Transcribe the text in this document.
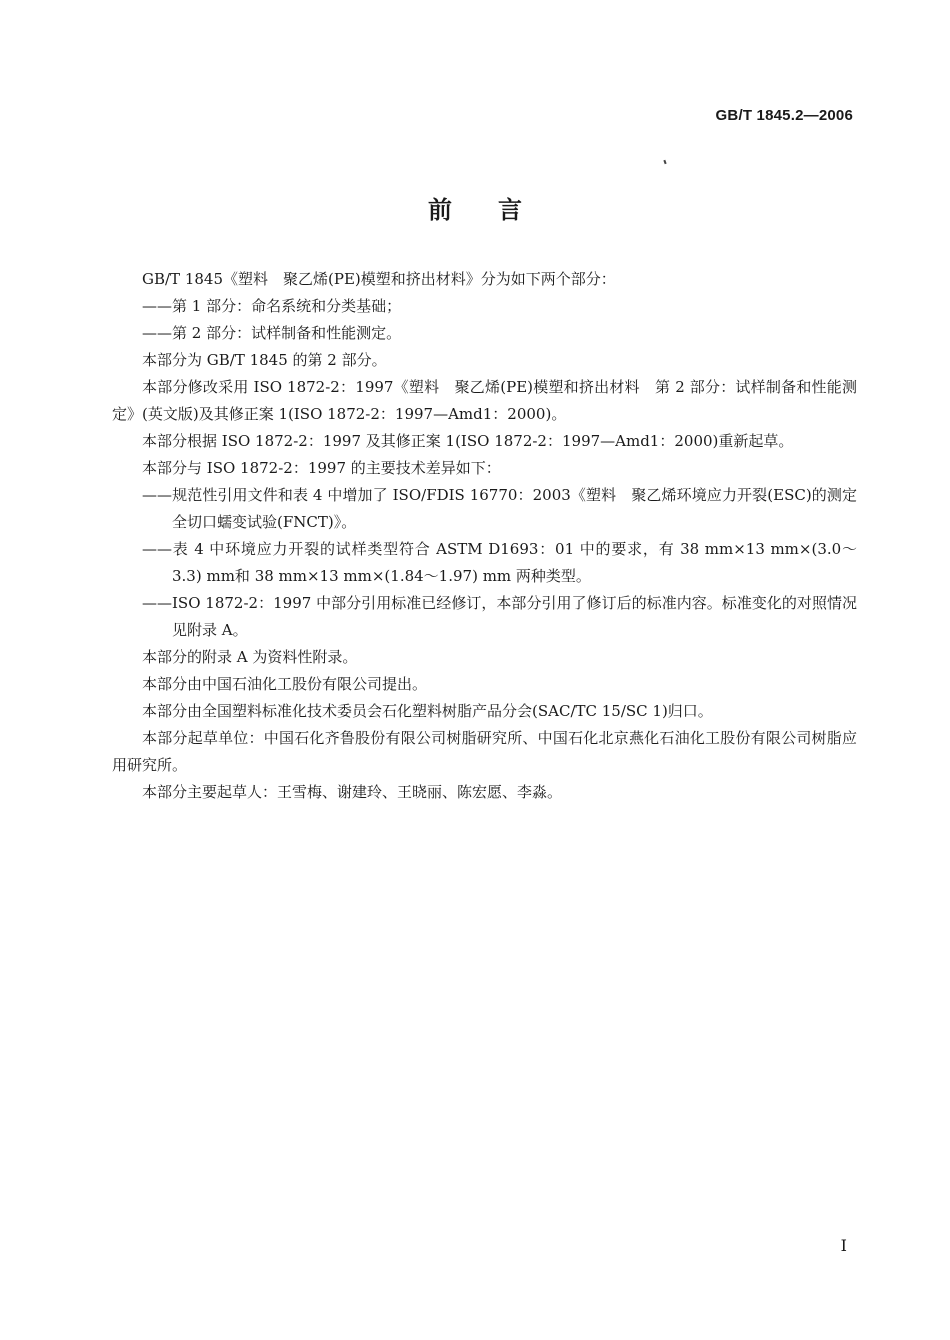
GB/T 1845.2—2006
前言

GB/T 1845《塑料　聚乙烯(PE)模塑和挤出材料》分为如下两个部分：

——第 1 部分：命名系统和分类基础；

——第 2 部分：试样制备和性能测定。

本部分为 GB/T 1845 的第 2 部分。

本部分修改采用 ISO 1872-2：1997《塑料　聚乙烯(PE)模塑和挤出材料　第 2 部分：试样制备和性能测定》(英文版)及其修正案 1(ISO 1872-2：1997—Amd1：2000)。

本部分根据 ISO 1872-2：1997 及其修正案 1(ISO 1872-2：1997—Amd1：2000)重新起草。

本部分与 ISO 1872-2：1997 的主要技术差异如下：

——规范性引用文件和表 4 中增加了 ISO/FDIS 16770：2003《塑料　聚乙烯环境应力开裂(ESC)的测定　全切口蠕变试验(FNCT)》。

——表 4 中环境应力开裂的试样类型符合 ASTM D1693：01 中的要求，有 38 mm×13 mm×(3.0～3.3) mm和 38 mm×13 mm×(1.84～1.97) mm 两种类型。

——ISO 1872-2：1997 中部分引用标准已经修订，本部分引用了修订后的标准内容。标准变化的对照情况见附录 A。

本部分的附录 A 为资料性附录。

本部分由中国石油化工股份有限公司提出。

本部分由全国塑料标准化技术委员会石化塑料树脂产品分会(SAC/TC 15/SC 1)归口。

本部分起草单位：中国石化齐鲁股份有限公司树脂研究所、中国石化北京燕化石油化工股份有限公司树脂应用研究所。

本部分主要起草人：王雪梅、谢建玲、王晓丽、陈宏愿、李淼。

I
